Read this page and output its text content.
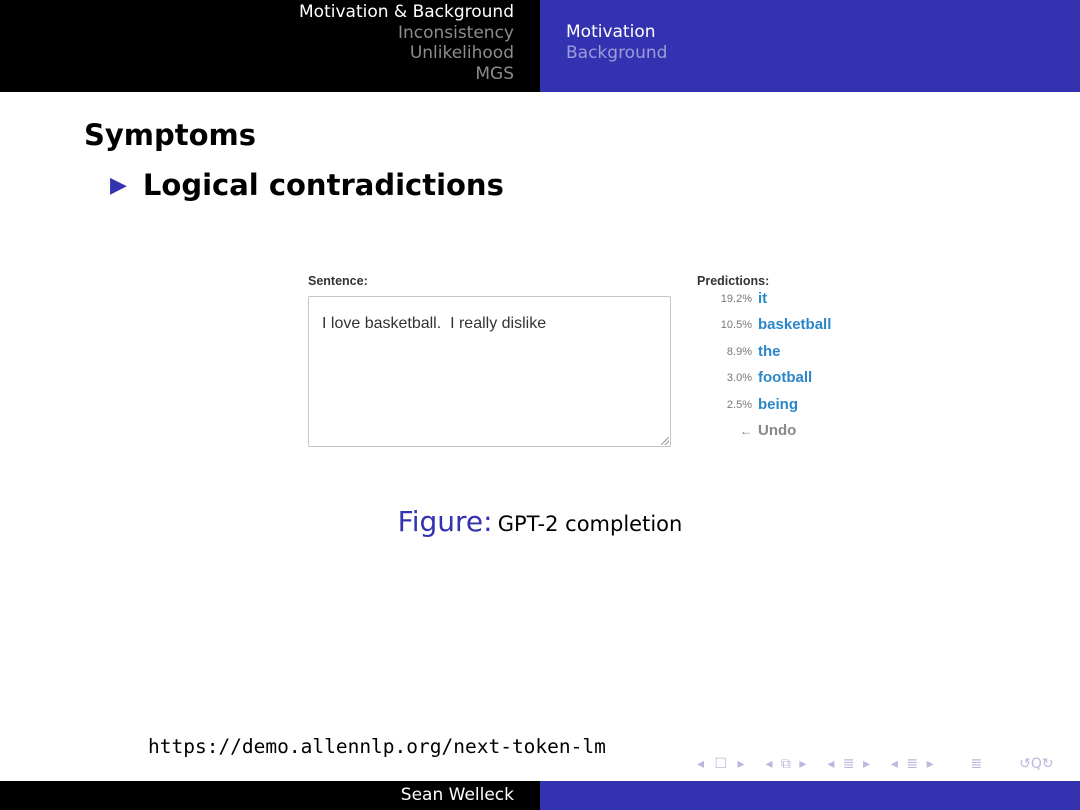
Motivation & Background
Inconsistency
Unlikelihood
MGS
Motivation
Background
Symptoms
▶ Logical contradictions
Sentence:
I love basketball.  I really dislike
Predictions:
19.2% it
10.5% basketball
8.9% the
3.0% football
2.5% being
← Undo
Figure: GPT-2 completion
https://demo.allennlp.org/next-token-lm
◂ ☐ ▸ ◂ ⧉ ▸ ◂ ≣ ▸ ◂ ≣ ▸	≣	↺Q↻
Sean Welleck
